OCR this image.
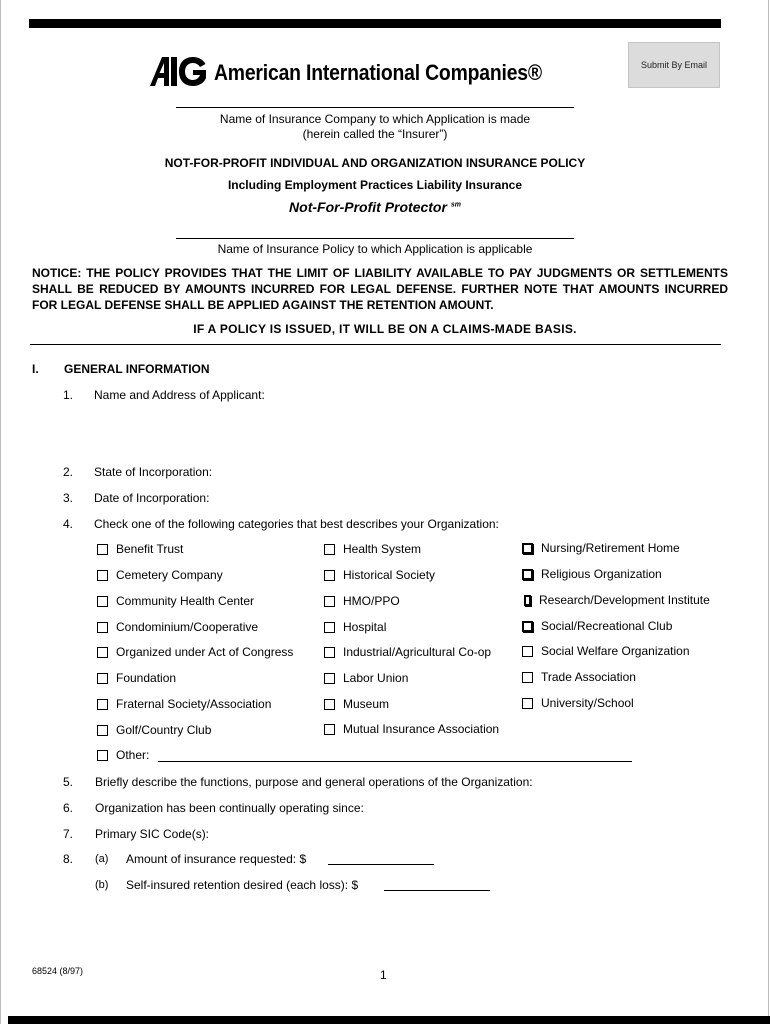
Submit By Email
American International Companies®
Name of Insurance Company to which Application is made
(herein called the “Insurer”)
NOT-FOR-PROFIT INDIVIDUAL AND ORGANIZATION INSURANCE POLICY
Including Employment Practices Liability Insurance
Not-For-Profit Protector $^{sm}$
Name of Insurance Policy to which Application is applicable
NOTICE: THE POLICY PROVIDES THAT THE LIMIT OF LIABILITY AVAILABLE TO PAY JUDGMENTS OR SETTLEMENTS SHALL BE REDUCED BY AMOUNTS INCURRED FOR LEGAL DEFENSE. FURTHER NOTE THAT AMOUNTS INCURRED FOR LEGAL DEFENSE SHALL BE APPLIED AGAINST THE RETENTION AMOUNT.
IF A POLICY IS ISSUED, IT WILL BE ON A CLAIMS-MADE BASIS.
I. GENERAL INFORMATION
1. Name and Address of Applicant:
2. State of Incorporation:
3. Date of Incorporation:
4. Check one of the following categories that best describes your Organization:
Benefit Trust
Cemetery Company
Community Health Center
Condominium/Cooperative
Organized under Act of Congress
Foundation
Fraternal Society/Association
Golf/Country Club
Health System
Historical Society
HMO/PPO
Hospital
Industrial/Agricultural Co-op
Labor Union
Museum
Mutual Insurance Association
Nursing/Retirement Home
Religious Organization
Research/Development Institute
Social/Recreational Club
Social Welfare Organization
Trade Association
University/School
Other:
5. Briefly describe the functions, purpose and general operations of the Organization:
6. Organization has been continually operating since:
7. Primary SIC Code(s):
8. (a) Amount of insurance requested: $
(b) Self-insured retention desired (each loss): $
68524 (8/97)	1
